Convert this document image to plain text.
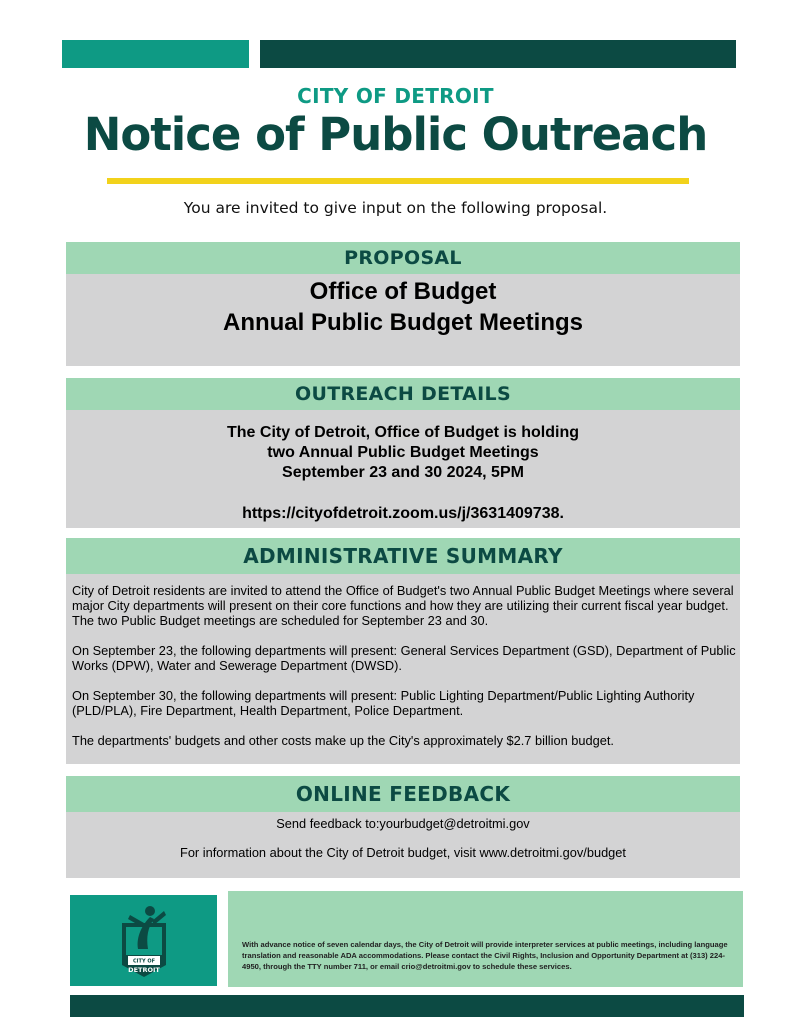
CITY OF DETROIT
Notice of Public Outreach
You are invited to give input on the following proposal.
PROPOSAL
Office of Budget
Annual Public Budget Meetings
OUTREACH DETAILS
The City of Detroit, Office of Budget is holding
two Annual Public Budget Meetings
September 23 and 30 2024, 5PM
https://cityofdetroit.zoom.us/j/3631409738.
ADMINISTRATIVE SUMMARY

City of Detroit residents are invited to attend the Office of Budget's two Annual Public Budget Meetings where several major City departments will present on their core functions and how they are utilizing their current fiscal year budget. The two Public Budget meetings are scheduled for September 23 and 30.

On September 23, the following departments will present: General Services Department (GSD), Department of Public Works (DPW), Water and Sewerage Department (DWSD).

On September 30, the following departments will present: Public Lighting Department/Public Lighting Authority (PLD/PLA), Fire Department, Health Department, Police Department.

The departments' budgets and other costs make up the City's approximately $2.7 billion budget.

ONLINE FEEDBACK
Send feedback to:yourbudget@detroitmi.gov
For information about the City of Detroit budget, visit www.detroitmi.gov/budget
CITY OF
DETROIT
With advance notice of seven calendar days, the City of Detroit will provide interpreter services at public meetings, including language translation and reasonable ADA accommodations. Please contact the Civil Rights, Inclusion and Opportunity Department at (313) 224-4950, through the TTY number 711, or email crio@detroitmi.gov to schedule these services.
